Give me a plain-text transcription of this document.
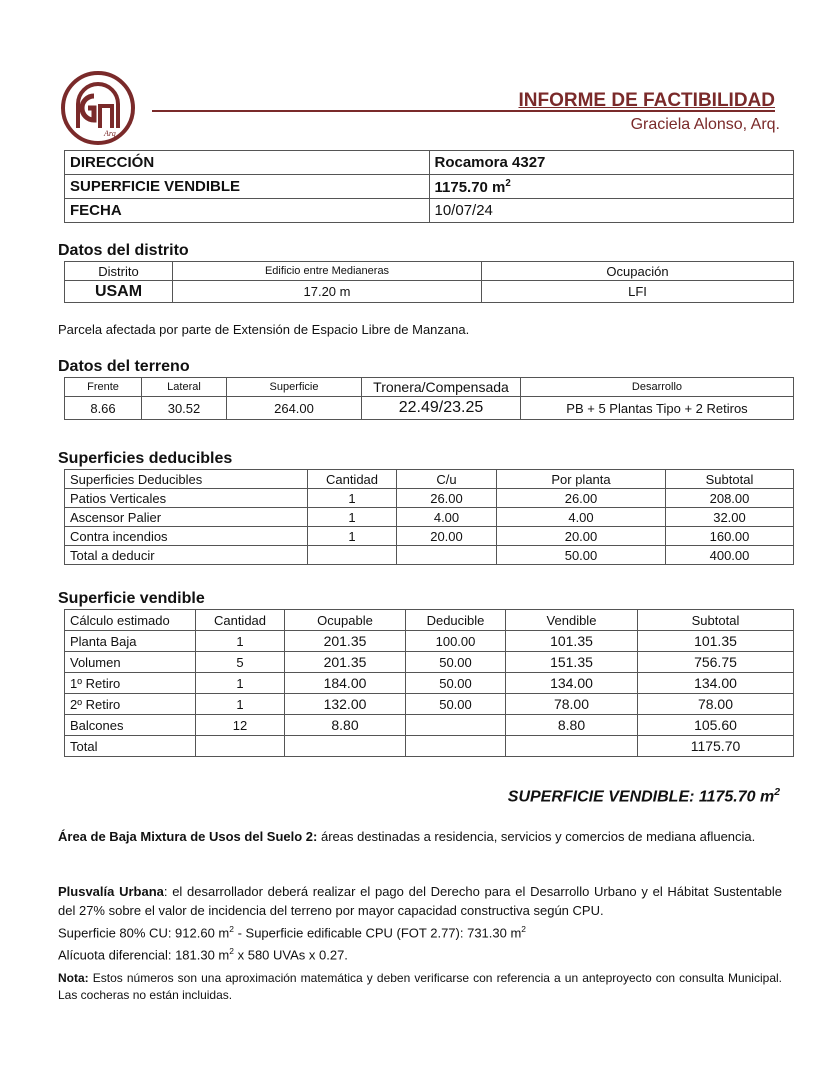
Arq
INFORME DE FACTIBILIDAD
Graciela Alonso, Arq.
DIRECCIÓN	Rocamora 4327
SUPERFICIE VENDIBLE	1175.70 $m^2$
FECHA	10/07/24
Datos del distrito
Distrito	Edificio entre Medianeras	Ocupación
USAM	17.20 m	LFI
Parcela afectada por parte de Extensión de Espacio Libre de Manzana.
Datos del terreno
Frente	Lateral	Superficie	Tronera/Compensada	Desarrollo
8.66	30.52	264.00	22.49/23.25	PB + 5 Plantas Tipo + 2 Retiros
Superficies deducibles
Superficies Deducibles	Cantidad	C/u	Por planta	Subtotal
Patios Verticales	1	26.00	26.00	208.00
Ascensor Palier	1	4.00	4.00	32.00
Contra incendios	1	20.00	20.00	160.00
Total a deducir			50.00	400.00
Superficie vendible
Cálculo estimado	Cantidad	Ocupable	Deducible	Vendible	Subtotal
Planta Baja	1	201.35	100.00	101.35	101.35
Volumen	5	201.35	50.00	151.35	756.75
1º Retiro	1	184.00	50.00	134.00	134.00
2º Retiro	1	132.00	50.00	78.00	78.00
Balcones	12	8.80		8.80	105.60
Total					1175.70
SUPERFICIE VENDIBLE: 1175.70 $m^2$
Área de Baja Mixtura de Usos del Suelo 2: áreas destinadas a residencia, servicios y comercios de mediana afluencia.
Plusvalía Urbana: el desarrollador deberá realizar el pago del Derecho para el Desarrollo Urbano y el Hábitat Sustentable del 27% sobre el valor de incidencia del terreno por mayor capacidad constructiva según CPU.
Superficie 80% CU: 912.60 $m^2$ - Superficie edificable CPU (FOT 2.77): 731.30 $m^2$
Alícuota diferencial: 181.30 $m^2$ x 580 UVAs x 0.27.
Nota: Estos números son una aproximación matemática y deben verificarse con referencia a un anteproyecto con consulta Municipal. Las cocheras no están incluidas.
